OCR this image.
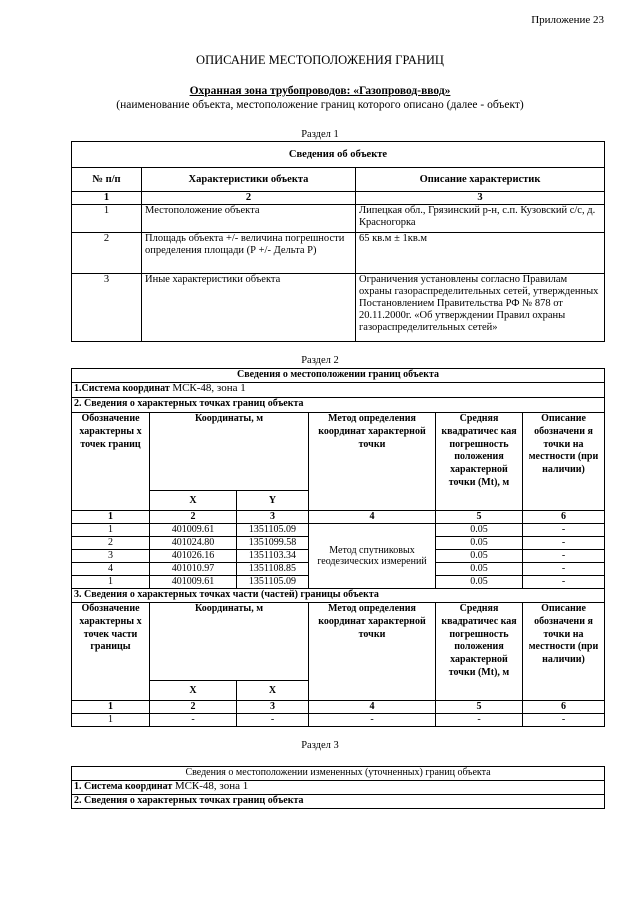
Приложение 23
ОПИСАНИЕ МЕСТОПОЛОЖЕНИЯ ГРАНИЦ
Охранная зона трубопроводов: «Газопровод-ввод»
(наименование объекта, местоположение границ которого описано (далее - объект)
Раздел 1
Сведения об объекте		
№ п/п	Характеристики объекта	Описание характеристик
1	2	3
1	Местоположение объекта	Липецкая обл., Грязинский р-н, с.п. Кузовский с/с, д. Красногорка
2	Площадь объекта +/- величина погрешности определения площади (Р +/- Дельта Р)	65 кв.м ± 1кв.м
3	Иные характеристики объекта	Ограничения установлены согласно Правилам охраны газораспределительных сетей, утвержденных Постановлением Правительства РФ № 878 от 20.11.2000г. «Об утверждении Правил охраны газораспределительных сетей»
Раздел 2
Сведения о местоположении границ объекта					
1.Система координат МСК-48, зона 1					
2. Сведения о характерных точках границ объекта					
Обозначение характерны х точек границ	Координаты, м		Метод определения координат характерной точки	Средняя квадратичес кая погрешность положения характерной точки (Mt), м	Описание обозначени я точки на местности (при наличии)
	X	Y			
1	2	3	4	5	6
1	401009.61	1351105.09	Метод спутниковых геодезических измерений	0.05	-
2	401024.80	1351099.58		0.05	-
3	401026.16	1351103.34		0.05	-
4	401010.97	1351108.85		0.05	-
1	401009.61	1351105.09		0.05	-
3. Сведения о характерных точках части (частей) границы объекта					
Обозначение характерны х точек части границы	Координаты, м		Метод определения координат характерной точки	Средняя квадратичес кая погрешность положения характерной точки (Mt), м	Описание обозначени я точки на местности (при наличии)
	X	X			
1	2	3	4	5	6
1	-	-	-	-	-
Раздел 3
Сведения о местоположении измененных (уточненных) границ объекта
1. Система координат МСК-48, зона 1
2. Сведения о характерных точках границ объекта
